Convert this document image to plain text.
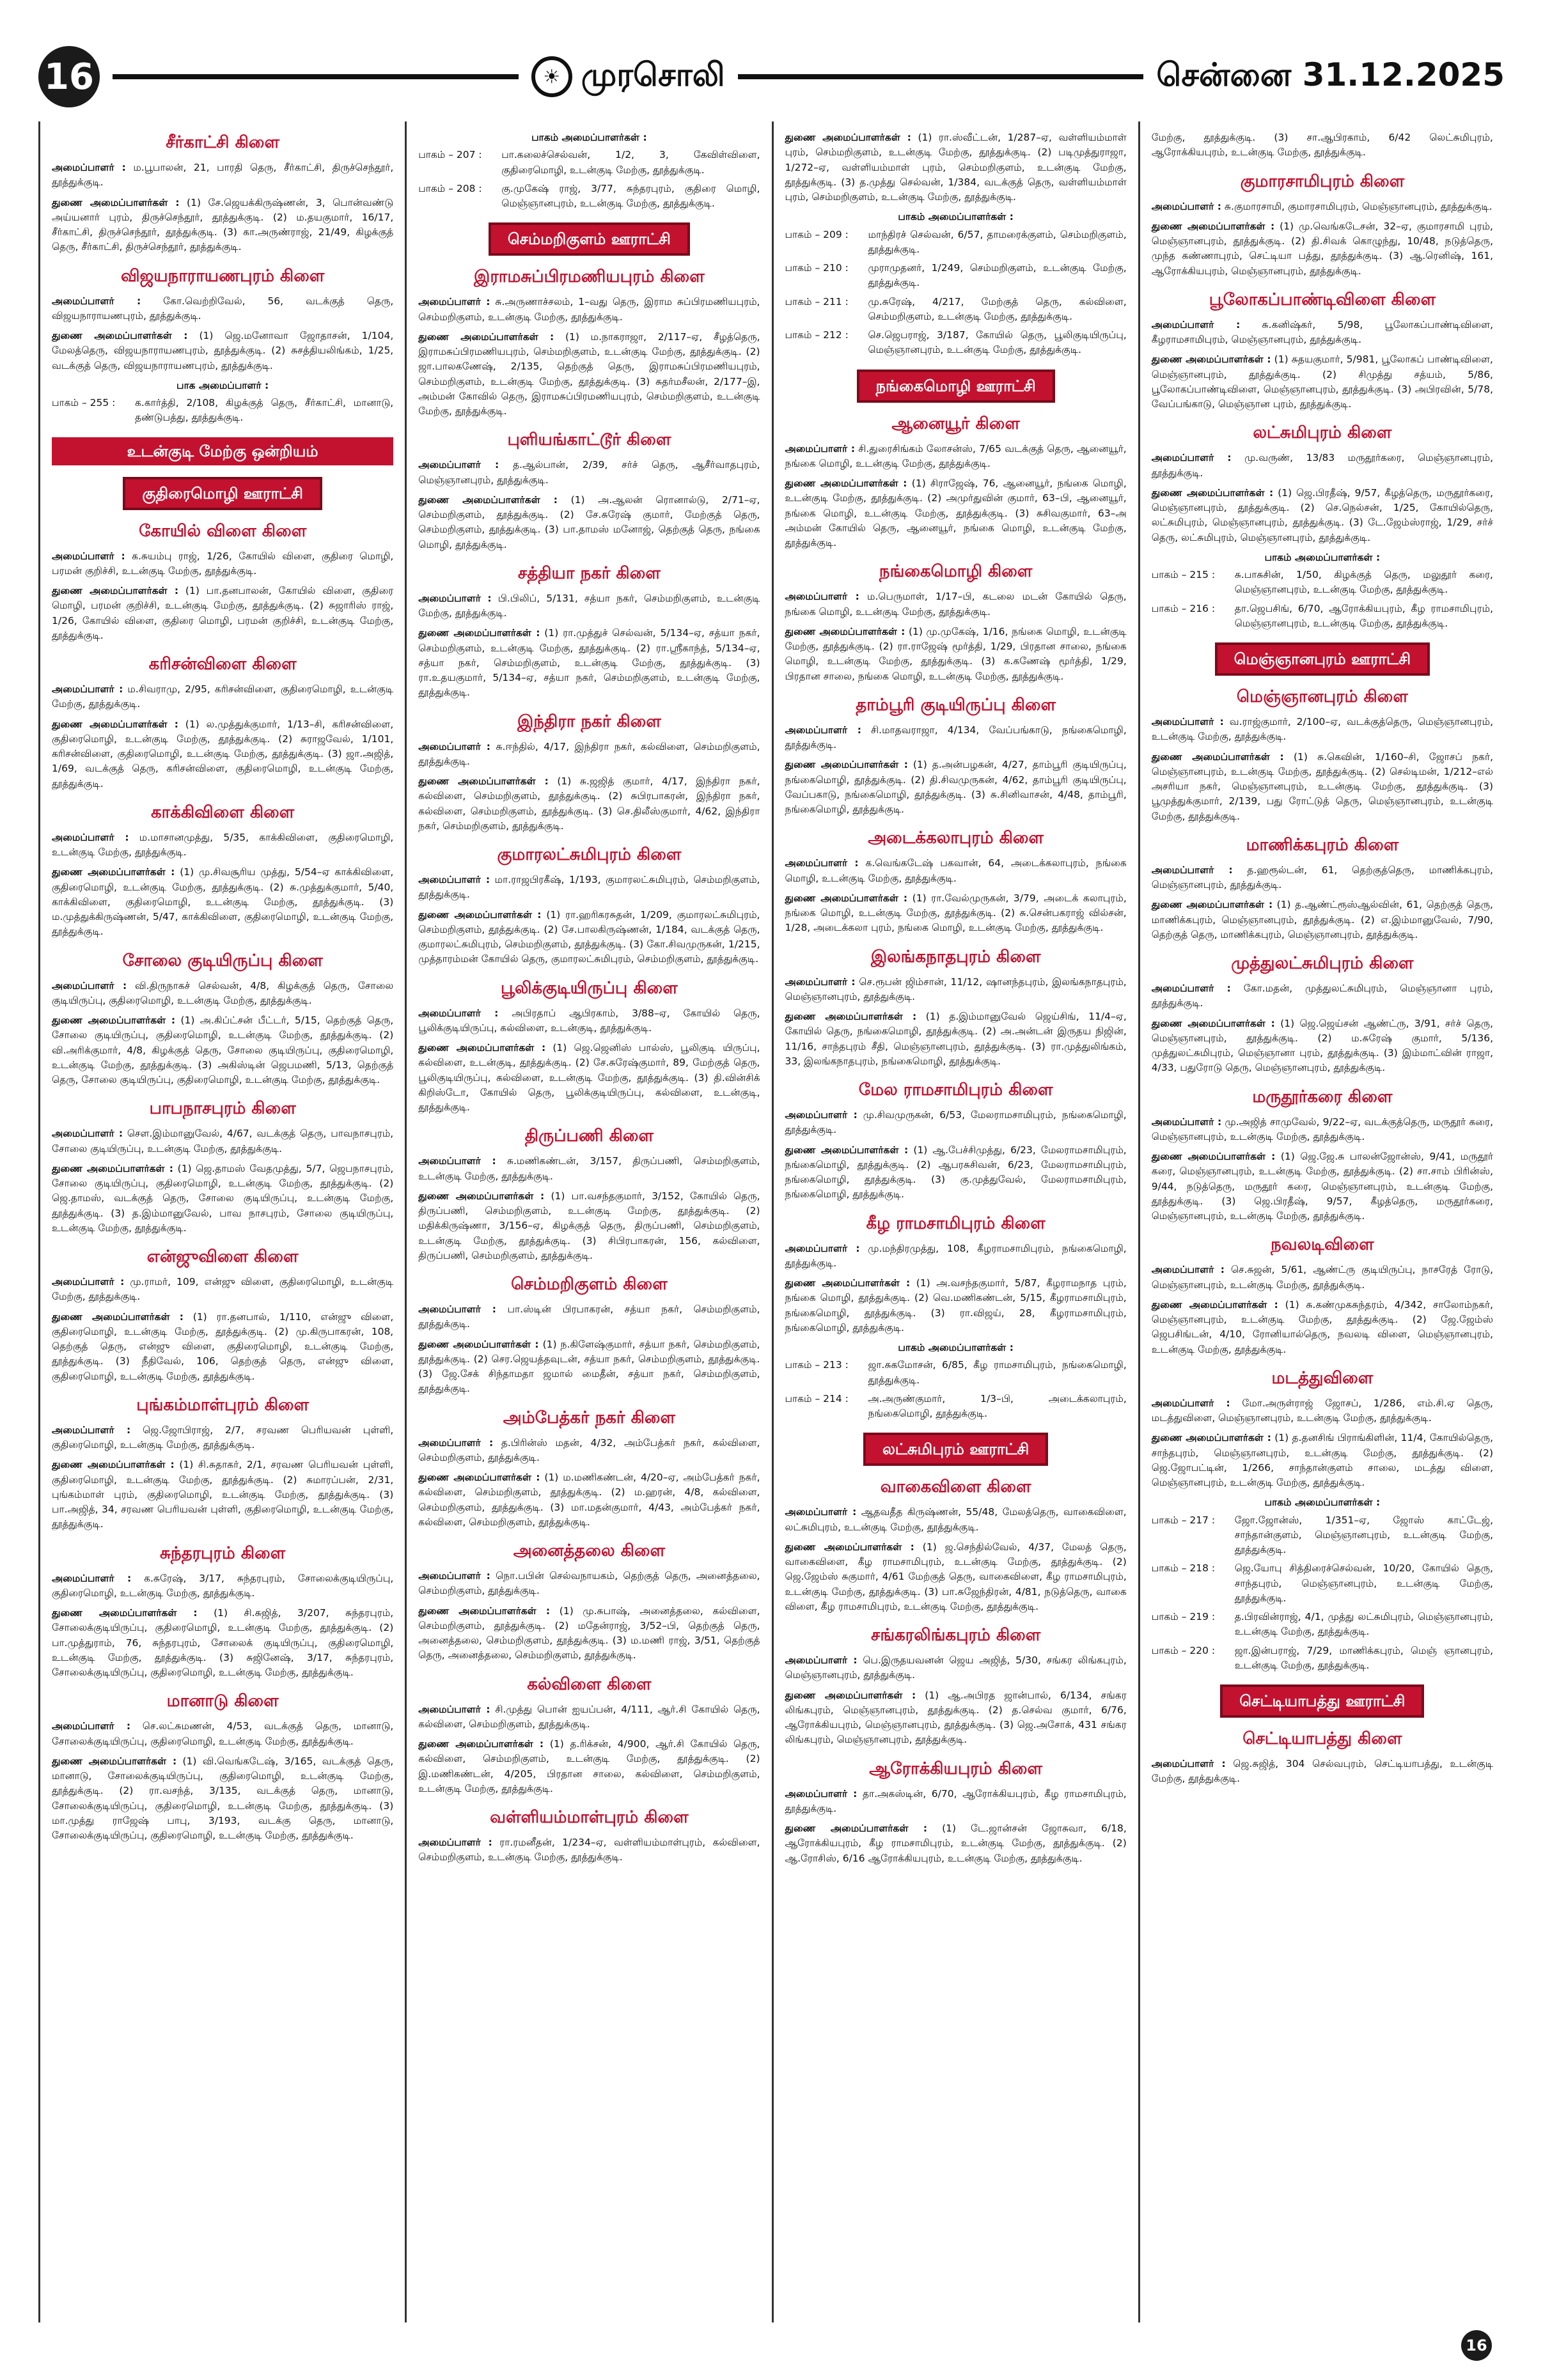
16	☀ முரசொலி	சென்னை 31.12.2025
சீர்காட்சி கிளை

அமைப்பாளர் : ம.பூபாலன், 21, பாரதி தெரு, சீர்காட்சி, திருச்செந்தூர், தூத்துக்குடி.

துணை அமைப்பாளர்கள் : (1) சே.ஜெயக்கிருஷ்ணன், 3, பொன்வண்டு அய்யனார் புரம், திருச்செந்தூர், தூத்துக்குடி. (2) ம.தயகுமார், 16/17, சீர்காட்சி, திருச்செந்தூர், தூத்துக்குடி. (3) கா.அருண்ராஜ், 21/49, கிழக்குத் தெரு, சீர்காட்சி, திருச்செந்தூர், தூத்துக்குடி.

விஜயநாராயணபுரம் கிளை

அமைப்பாளர் : கோ.வெற்றிவேல், 56, வடக்குத் தெரு, விஜயநாராயணபுரம், தூத்துக்குடி.

துணை அமைப்பாளர்கள் : (1) ஜெ.மனோவா ஜோதாசன், 1/104, மேலத்தெரு, விஜயநாராயணபுரம், தூத்துக்குடி. (2) சுசத்தியலிங்கம், 1/25, வடக்குத் தெரு, விஜயநாராயணபுரம், தூத்துக்குடி.

பாக அமைப்பாளர் :
பாகம் – 255 :	க.கார்த்தி, 2/108, கிழக்குத் தெரு, சீர்காட்சி, மானாடு, தண்டுபத்து, தூத்துக்குடி.
உடன்குடி மேற்கு ஒன்றியம்
குதிரைமொழி ஊராட்சி
கோயில் விளை கிளை

அமைப்பாளர் : க.சுயம்பு ராஜ், 1/26, கோயில் விளை, குதிரை மொழி, பரமன் குறிச்சி, உடன்குடி மேற்கு, தூத்துக்குடி.

துணை அமைப்பாளர்கள் : (1) பா.தனபாலன், கோயில் விளை, குதிரை மொழி, பரமன் குறிச்சி, உடன்குடி மேற்கு, தூத்துக்குடி. (2) சுஜாரிஸ் ராஜ், 1/26, கோயில் விளை, குதிரை மொழி, பரமன் குறிச்சி, உடன்குடி மேற்கு, தூத்துக்குடி.

கரிசன்விளை கிளை

அமைப்பாளர் : ம.சிவராமு, 2/95, கரிசன்விளை, குதிரைமொழி, உடன்குடி மேற்கு, தூத்துக்குடி.

துணை அமைப்பாளர்கள் : (1) ல.முத்துக்குமார், 1/13–சி, கரிசன்விளை, குதிரைமொழி, உடன்குடி மேற்கு, தூத்துக்குடி. (2) சுராஜவேல், 1/101, கரிசன்விளை, குதிரைமொழி, உடன்குடி மேற்கு, தூத்துக்குடி. (3) ஜா.அஜித், 1/69, வடக்குத் தெரு, கரிசன்விளை, குதிரைமொழி, உடன்குடி மேற்கு, தூத்துக்குடி.

காக்கிவிளை கிளை

அமைப்பாளர் : ம.மாசானமுத்து, 5/35, காக்கிவிளை, குதிரைமொழி, உடன்குடி மேற்கு, தூத்துக்குடி.

துணை அமைப்பாளர்கள் : (1) மு.சிவசூரிய முத்து, 5/54–ஏ காக்கிவிளை, குதிரைமொழி, உடன்குடி மேற்கு, தூத்துக்குடி. (2) சு.முத்துக்குமார், 5/40, காக்கிவிளை, குதிரைமொழி, உடன்குடி மேற்கு, தூத்துக்குடி. (3) ம.முத்துக்கிருஷ்ணன், 5/47, காக்கிவிளை, குதிரைமொழி, உடன்குடி மேற்கு, தூத்துக்குடி.

சோலை குடியிருப்பு கிளை

அமைப்பாளர் : வி.திருநாகச் செல்வன், 4/8, கிழக்குத் தெரு, சோலை குடியிருப்பு, குதிரைமொழி, உடன்குடி மேற்கு, தூத்துக்குடி.

துணை அமைப்பாளர்கள் : (1) அ.கிப்ட்சன் பீட்டர், 5/15, தெற்குத் தெரு, சோலை குடியிருப்பு, குதிரைமொழி, உடன்குடி மேற்கு, தூத்துக்குடி. (2) வி.அரிக்குமார், 4/8, கிழக்குத் தெரு, சோலை குடியிருப்பு, குதிரைமொழி, உடன்குடி மேற்கு, தூத்துக்குடி. (3) அகிஸ்டின் ஜெபமணி, 5/13, தெற்குத் தெரு, சோலை குடியிருப்பு, குதிரைமொழி, உடன்குடி மேற்கு, தூத்துக்குடி.

பாபநாசபுரம் கிளை

அமைப்பாளர் : சௌ.இம்மானுவேல், 4/67, வடக்குத் தெரு, பாவநாசபுரம், சோலை குடியிருப்பு, உடன்குடி மேற்கு, தூத்துக்குடி.

துணை அமைப்பாளர்கள் : (1) ஜெ.தாமஸ் வேதமுத்து, 5/7, ஜெபநாசபுரம், சோலை குடியிருப்பு, குதிரைமொழி, உடன்குடி மேற்கு, தூத்துக்குடி. (2) ஜெ.தாமஸ், வடக்குத் தெரு, சோலை குடியிருப்பு, உடன்குடி மேற்கு, தூத்துக்குடி. (3) த.இம்மானுவேல், பாவ நாசபுரம், சோலை குடியிருப்பு, உடன்குடி மேற்கு, தூத்துக்குடி.

என்ஜுவிளை கிளை

அமைப்பாளர் : மு.ராமர், 109, என்ஜு விளை, குதிரைமொழி, உடன்குடி மேற்கு, தூத்துக்குடி.

துணை அமைப்பாளர்கள் : (1) ரா.தனபால், 1/110, என்ஜு விளை, குதிரைமொழி, உடன்குடி மேற்கு, தூத்துக்குடி. (2) மு.கிருபாகரன், 108, தெற்குத் தெரு, என்ஜு விளை, குதிரைமொழி, உடன்குடி மேற்கு, தூத்துக்குடி. (3) நீதிவேல், 106, தெற்குத் தெரு, என்ஜு விளை, குதிரைமொழி, உடன்குடி மேற்கு, தூத்துக்குடி.

புங்கம்மாள்புரம் கிளை

அமைப்பாளர் : ஜெ.ஜோபிராஜ், 2/7, சரவண பெரியவன் புள்ளி, குதிரைமொழி, உடன்குடி மேற்கு, தூத்துக்குடி.

துணை அமைப்பாளர்கள் : (1) சி.சுதாகர், 2/1, சரவண பெரியவன் புள்ளி, குதிரைமொழி, உடன்குடி மேற்கு, தூத்துக்குடி. (2) சுமாரப்பன், 2/31, புங்கம்மாள் புரம், குதிரைமொழி, உடன்குடி மேற்கு, தூத்துக்குடி. (3) பா.அஜித், 34, சரவண பெரியவன் புள்ளி, குதிரைமொழி, உடன்குடி மேற்கு, தூத்துக்குடி.

சுந்தரபுரம் கிளை

அமைப்பாளர் : க.சுரேஷ், 3/17, சுந்தரபுரம், சோலைக்குடியிருப்பு, குதிரைமொழி, உடன்குடி மேற்கு, தூத்துக்குடி.

துணை அமைப்பாளர்கள் : (1) சி.சுஜித், 3/207, சுந்தரபுரம், சோலைக்குடியிருப்பு, குதிரைமொழி, உடன்குடி மேற்கு, தூத்துக்குடி. (2) பா.முத்துராம், 76, சுந்தரபுரம், சோலைக் குடியிருப்பு, குதிரைமொழி, உடன்குடி மேற்கு, தூத்துக்குடி. (3) சுஜினேஷ், 3/17, சுந்தரபுரம், சோலைக்குடியிருப்பு, குதிரைமொழி, உடன்குடி மேற்கு, தூத்துக்குடி.

மானாடு கிளை

அமைப்பாளர் : செ.லட்சுமணன், 4/53, வடக்குத் தெரு, மானாடு, சோலைக்குடியிருப்பு, குதிரைமொழி, உடன்குடி மேற்கு, தூத்துக்குடி.

துணை அமைப்பாளர்கள் : (1) வி.வெங்கடேஷ், 3/165, வடக்குத் தெரு, மானாடு, சோலைக்குடியிருப்பு, குதிரைமொழி, உடன்குடி மேற்கு, தூத்துக்குடி. (2) ரா.வசந்த், 3/135, வடக்குத் தெரு, மானாடு, சோலைக்குடியிருப்பு, குதிரைமொழி, உடன்குடி மேற்கு, தூத்துக்குடி. (3) மா.முத்து ராஜேஷ் பாபு, 3/193, வடக்கு தெரு, மானாடு, சோலைக்குடியிருப்பு, குதிரைமொழி, உடன்குடி மேற்கு, தூத்துக்குடி.

பாகம் அமைப்பாளர்கள் :
பாகம் – 207 :	பா.கலைச்செல்வன், 1/2, 3, கேவிள்விளை, குதிரைமொழி, உடன்குடி மேற்கு, தூத்துக்குடி.
பாகம் – 208 :	கு.முகேஷ் ராஜ், 3/77, சுந்தரபுரம், குதிரை மொழி, மெஞ்ஞானபுரம், உடன்குடி மேற்கு, தூத்துக்குடி.
செம்மறிகுளம் ஊராட்சி
இராமசுப்பிரமணியபுரம் கிளை

அமைப்பாளர் : சு.அருணாச்சலம், 1–வது தெரு, இராம சுப்பிரமணியபுரம், செம்மறிகுளம், உடன்குடி மேற்கு, தூத்துக்குடி.

துணை அமைப்பாளர்கள் : (1) ம.நாகராஜா, 2/117–ஏ, சீழத்தெரு, இராமசுப்பிரமணியபுரம், செம்மறிகுளம், உடன்குடி மேற்கு, தூத்துக்குடி. (2) ஜா.பாலகணேஷ், 2/135, தெற்குத் தெரு, இராமசுப்பிரமணியபுரம், செம்மறிகுளம், உடன்குடி மேற்கு, தூத்துக்குடி. (3) சுதர்மசீலன், 2/177–இ, அம்மன் கோவில் தெரு, இராமசுப்பிரமணியபுரம், செம்மறிகுளம், உடன்குடி மேற்கு, தூத்துக்குடி.

புளியங்காட்டூர் கிளை

அமைப்பாளர் : த.ஆல்பான், 2/39, சர்ச் தெரு, ஆசீர்வாதபுரம், மெஞ்ஞானபுரம், தூத்துக்குடி.

துணை அமைப்பாளர்கள் : (1) அ.ஆலன் ரொனால்டு, 2/71–ஏ, செம்மறிகுளம், தூத்துக்குடி. (2) சே.சுரேஷ் குமார், மேற்குத் தெரு, செம்மறிகுளம், தூத்துக்குடி. (3) பா.தாமஸ் மனோஜ், தெற்குத் தெரு, நங்கை மொழி, தூத்துக்குடி.

சத்தியா நகர் கிளை

அமைப்பாளர் : பி.பிலிப், 5/131, சத்யா நகர், செம்மறிகுளம், உடன்குடி மேற்கு, தூத்துக்குடி.

துணை அமைப்பாளர்கள் : (1) ரா.முத்துச் செல்வன், 5/134–ஏ, சத்யா நகர், செம்மறிகுளம், உடன்குடி மேற்கு, தூத்துக்குடி. (2) ரா.ஸ்ரீகாந்த், 5/134–ஏ, சத்யா நகர், செம்மறிகுளம், உடன்குடி மேற்கு, தூத்துக்குடி. (3) ரா.உதயகுமார், 5/134–ஏ, சத்யா நகர், செம்மறிகுளம், உடன்குடி மேற்கு, தூத்துக்குடி.

இந்திரா நகர் கிளை

அமைப்பாளர் : சு.ஈந்தில், 4/17, இந்திரா நகர், கல்விளை, செம்மறிகுளம், தூத்துக்குடி.

துணை அமைப்பாளர்கள் : (1) சு.ஜஜித் குமார், 4/17, இந்திரா நகர், கல்விளை, செம்மறிகுளம், தூத்துக்குடி. (2) சுபிரபாகரன், இந்திரா நகர், கல்விளை, செம்மறிகுளம், தூத்துக்குடி. (3) செ.திலீஸ்குமார், 4/62, இந்திரா நகர், செம்மறிகுளம், தூத்துக்குடி.

குமாரலட்சுமிபுரம் கிளை

அமைப்பாளர் : மா.ராஜபிரகீஷ், 1/193, குமாரலட்சுமிபுரம், செம்மறிகுளம், தூத்துக்குடி.

துணை அமைப்பாளர்கள் : (1) ரா.ஹரிகரசுதன், 1/209, குமாரலட்சுமிபுரம், செம்மறிகுளம், தூத்துக்குடி. (2) சே.பாலகிருஷ்ணன், 1/184, வடக்குத் தெரு, குமாரலட்சுமிபுரம், செம்மறிகுளம், தூத்துக்குடி. (3) கோ.சிவமுருகன், 1/215, முத்தாரம்மன் கோயில் தெரு, குமாரலட்சுமிபுரம், செம்மறிகுளம், தூத்துக்குடி.

பூலிக்குடியிருப்பு கிளை

அமைப்பாளர் : அபிரதாப் ஆபிரகாம், 3/88–ஏ, கோயில் தெரு, பூலிக்குடியிருப்பு, கல்விளை, உடன்குடி, தூத்துக்குடி.

துணை அமைப்பாளர்கள் : (1) ஜெ.ஜெனிஸ் பால்ஸ், பூலிகுடி யிருப்பு, கல்விளை, உடன்குடி, தூத்துக்குடி. (2) சே.சுரேஷ்குமார், 89, மேற்குத் தெரு, பூலிகுடியிருப்பு, கல்விளை, உடன்குடி மேற்கு, தூத்துக்குடி. (3) தி.வின்சிக் கிறிஸ்டோ, கோயில் தெரு, பூலிக்குடியிருப்பு, கல்விளை, உடன்குடி, தூத்துக்குடி.

திருப்பணி கிளை

அமைப்பாளர் : சு.மணிகண்டன், 3/157, திருப்பணி, செம்மறிகுளம், உடன்குடி மேற்கு, தூத்துக்குடி.

துணை அமைப்பாளர்கள் : (1) பா.வசந்தகுமார், 3/152, கோயில் தெரு, திருப்பணி, செம்மறிகுளம், உடன்குடி மேற்கு, தூத்துக்குடி. (2) மதிக்கிருஷ்ணா, 3/156–ஏ, கிழக்குத் தெரு, திருப்பணி, செம்மறிகுளம், உடன்குடி மேற்கு, தூத்துக்குடி. (3) சிபிரபாகரன், 156, கல்விளை, திருப்பணி, செம்மறிகுளம், தூத்துக்குடி.

செம்மறிகுளம் கிளை

அமைப்பாளர் : பா.ஸ்டின் பிரபாகரன், சத்யா நகர், செம்மறிகுளம், தூத்துக்குடி.

துணை அமைப்பாளர்கள் : (1) ந.கிளேஷ்குமார், சத்யா நகர், செம்மறிகுளம், தூத்துக்குடி. (2) செர.ஜெயத்தவுடன், சத்யா நகர், செம்மறிகுளம், தூத்துக்குடி. (3) ஜே.சேக் சிந்தாமதா ஜமால் மைதீன், சத்யா நகர், செம்மறிகுளம், தூத்துக்குடி.

அம்பேத்கர் நகர் கிளை

அமைப்பாளர் : த.பிரின்ஸ் மதன், 4/32, அம்பேத்கர் நகர், கல்விளை, செம்மறிகுளம், தூத்துக்குடி.

துணை அமைப்பாளர்கள் : (1) ம.மணிகண்டன், 4/20–ஏ, அம்பேத்கர் நகர், கல்விளை, செம்மறிகுளம், தூத்துக்குடி. (2) ம.ஹரன், 4/8, கல்விளை, செம்மறிகுளம், தூத்துக்குடி. (3) மா.மதன்குமார், 4/43, அம்பேத்கர் நகர், கல்விளை, செம்மறிகுளம், தூத்துக்குடி.

அனைத்தலை கிளை

அமைப்பாளர் : நொ.பபின் செல்வநாயகம், தெற்குத் தெரு, அனைத்தலை, செம்மறிகுளம், தூத்துக்குடி.

துணை அமைப்பாளர்கள் : (1) மு.சுபாஷ், அனைத்தலை, கல்விளை, செம்மறிகுளம், தூத்துக்குடி. (2) மதேன்ராஜ், 3/52–பி, தெற்குத் தெரு, அனைத்தலை, செம்மறிகுளம், தூத்துக்குடி. (3) ம.மணி ராஜ், 3/51, தெற்குத் தெரு, அனைத்தலை, செம்மறிகுளம், தூத்துக்குடி.

கல்விளை கிளை

அமைப்பாளர் : சி.முத்து பொன் ஐயப்பன், 4/111, ஆர்.சி கோயில் தெரு, கல்விளை, செம்மறிகுளம், தூத்துக்குடி.

துணை அமைப்பாளர்கள் : (1) த.ரிக்சன், 4/900, ஆர்.சி கோயில் தெரு, கல்விளை, செம்மறிகுளம், உடன்குடி மேற்கு, தூத்துக்குடி. (2) இ.மணிகண்டன், 4/205, பிரதான சாலை, கல்விளை, செம்மறிகுளம், உடன்குடி மேற்கு, தூத்துக்குடி.

வள்ளியம்மாள்புரம் கிளை

அமைப்பாளர் : ரா.ரமனீதன், 1/234–ஏ, வள்ளியம்மாள்புரம், கல்விளை, செம்மறிகுளம், உடன்குடி மேற்கு, தூத்துக்குடி.

துணை அமைப்பாளர்கள் : (1) ரா.ஸ்வீட்டன், 1/287–ஏ, வள்ளியம்மாள் புரம், செம்மறிகுளம், உடன்குடி மேற்கு, தூத்துக்குடி. (2) படிமுத்துராஜா, 1/272–ஏ, வள்ளியம்மாள் புரம், செம்மறிகுளம், உடன்குடி மேற்கு, தூத்துக்குடி. (3) த.முத்து செல்வன், 1/384, வடக்குத் தெரு, வள்ளியம்மாள் புரம், செம்மறிகுளம், உடன்குடி மேற்கு, தூத்துக்குடி.

பாகம் அமைப்பாளர்கள் :
பாகம் – 209 :	மாந்திரச் செல்வன், 6/57, தாமரைக்குளம், செம்மறிகுளம், தூத்துக்குடி.
பாகம் – 210 :	முராமுதனர், 1/249, செம்மறிகுளம், உடன்குடி மேற்கு, தூத்துக்குடி.
பாகம் – 211 :	மு.சுரேஷ், 4/217, மேற்குத் தெரு, கல்விளை, செம்மறிகுளம், உடன்குடி மேற்கு, தூத்துக்குடி.
பாகம் – 212 :	செ.ஜெபராஜ், 3/187, கோயில் தெரு, பூலிகுடியிருப்பு, மெஞ்ஞானபுரம், உடன்குடி மேற்கு, தூத்துக்குடி.
நங்கைமொழி ஊராட்சி
ஆனையூர் கிளை

அமைப்பாளர் : சி.துரைசிங்கம் லோசன்ஸ், 7/65 வடக்குத் தெரு, ஆனையூர், நங்கை மொழி, உடன்குடி மேற்கு, தூத்துக்குடி.

துணை அமைப்பாளர்கள் : (1) சிராஜேஷ், 76, ஆனையூர், நங்கை மொழி, உடன்குடி மேற்கு, தூத்துக்குடி. (2) அமுர்துவின் குமார், 63–பி, ஆனையூர், நங்கை மொழி, உடன்குடி மேற்கு, தூத்துக்குடி. (3) சுசிவகுமார், 63–அ அம்மன் கோயில் தெரு, ஆனையூர், நங்கை மொழி, உடன்குடி மேற்கு, தூத்துக்குடி.

நங்கைமொழி கிளை

அமைப்பாளர் : ம.பெருமாள், 1/17–பி, கடலை மடன் கோயில் தெரு, நங்கை மொழி, உடன்குடி மேற்கு, தூத்துக்குடி.

துணை அமைப்பாளர்கள் : (1) மு.முகேஷ், 1/16, நங்கை மொழி, உடன்குடி மேற்கு, தூத்துக்குடி. (2) ரா.ராஜேஷ் மூர்த்தி, 1/29, பிரதான சாலை, நங்கை மொழி, உடன்குடி மேற்கு, தூத்துக்குடி. (3) க.கணேஷ் மூர்த்தி, 1/29, பிரதான சாலை, நங்கை மொழி, உடன்குடி மேற்கு, தூத்துக்குடி.

தாம்பூரி குடியிருப்பு கிளை

அமைப்பாளர் : சி.மாதவராஜா, 4/134, வேப்பங்காடு, நங்கைமொழி, தூத்துக்குடி.

துணை அமைப்பாளர்கள் : (1) த.அன்பழகன், 4/27, தாம்பூரி குடியிருப்பு, நங்கைமொழி, தூத்துக்குடி. (2) தி.சிவமுருகன், 4/62, தாம்பூரி குடியிருப்பு, வேப்பகாடு, நங்கைமொழி, தூத்துக்குடி. (3) சு.சினிவாசன், 4/48, தாம்பூரி, நங்கைமொழி, தூத்துக்குடி.

அடைக்கலாபுரம் கிளை

அமைப்பாளர் : க.வெங்கடேஷ் பகவான், 64, அடைக்கலாபுரம், நங்கை மொழி, உடன்குடி மேற்கு, தூத்துக்குடி.

துணை அமைப்பாளர்கள் : (1) ரா.வேல்முருகன், 3/79, அடைக் கலாபுரம், நங்கை மொழி, உடன்குடி மேற்கு, தூத்துக்குடி. (2) சு.சென்பகராஜ் வில்சன், 1/28, அடைக்கலா புரம், நங்கை மொழி, உடன்குடி மேற்கு, தூத்துக்குடி.

இலங்கநாதபுரம் கிளை

அமைப்பாளர் : செ.ரூபன் ஜிம்சான், 11/12, ஷானந்தபுரம், இலங்கநாதபுரம், மெஞ்ஞானபுரம், தூத்துக்குடி.

துணை அமைப்பாளர்கள் : (1) த.இம்மானுவேல் ஜெய்சிங், 11/4–ஏ, கோயில் தெரு, நங்கைமொழி, தூத்துக்குடி. (2) அ.அன்டன் இருதய நிஜின், 11/16, சாந்தபுரம் சீதி, மெஞ்ஞானபுரம், தூத்துக்குடி. (3) ரா.முத்துலிங்கம், 33, இலங்கநாதபுரம், நங்கைமொழி, தூத்துக்குடி.

மேல ராமசாமிபுரம் கிளை

அமைப்பாளர் : மு.சிவமுருகன், 6/53, மேலராமசாமிபுரம், நங்கைமொழி, தூத்துக்குடி.

துணை அமைப்பாளர்கள் : (1) ஆ.பேச்சிமுத்து, 6/23, மேலராமசாமிபுரம், நங்கைமொழி, தூத்துக்குடி. (2) ஆபரசுசிவன், 6/23, மேலராமசாமிபுரம், நங்கைமொழி, தூத்துக்குடி. (3) கு.முத்துவேல், மேலராமசாமிபுரம், நங்கைமொழி, தூத்துக்குடி.

கீழ ராமசாமிபுரம் கிளை

அமைப்பாளர் : மு.மந்திரமுத்து, 108, கீழராமசாமிபுரம், நங்கைமொழி, தூத்துக்குடி.

துணை அமைப்பாளர்கள் : (1) அ.வசந்தகுமார், 5/87, கீழராமநாத புரம், நங்கை மொழி, தூத்துக்குடி. (2) வெ.மணிகண்டன், 5/15, கீழராமசாமிபுரம், நங்கைமொழி, தூத்துக்குடி. (3) ரா.விஜய், 28, கீழராமசாமிபுரம், நங்கைமொழி, தூத்துக்குடி.

பாகம் அமைப்பாளர்கள் :
பாகம் – 213 :	ஜா.சுகமோசன், 6/85, கீழ ராமசாமிபுரம், நங்கைமொழி, தூத்துக்குடி.
பாகம் – 214 :	அ.அருண்குமார், 1/3–பி, அடைக்கலாபுரம், நங்கைமொழி, தூத்துக்குடி.
லட்சுமிபுரம் ஊராட்சி
வாகைவிளை கிளை

அமைப்பாளர் : ஆதவதீத கிருஷ்ணன், 55/48, மேலத்தெரு, வாகைவிளை, லட்சுமிபுரம், உடன்குடி மேற்கு, தூத்துக்குடி.

துணை அமைப்பாளர்கள் : (1) ஜ.செந்தில்வேல், 4/37, மேலத் தெரு, வாகைவிளை, கீழ ராமசாமிபுரம், உடன்குடி மேற்கு, தூத்துக்குடி. (2) ஜெ.ஜேம்ஸ் சுகுமார், 4/61 மேற்குத் தெரு, வாகைவிளை, கீழ ராமசாமிபுரம், உடன்குடி மேற்கு, தூத்துக்குடி. (3) பா.சுஜேந்திரன், 4/81, நடுத்தெரு, வாகை விளை, கீழ ராமசாமிபுரம், உடன்குடி மேற்கு, தூத்துக்குடி.

சங்கரலிங்கபுரம் கிளை

அமைப்பாளர் : பெ.இருதயவனன் ஜெய அஜித், 5/30, சங்கர லிங்கபுரம், மெஞ்ஞானபுரம், தூத்துக்குடி.

துணை அமைப்பாளர்கள் : (1) ஆ.அபிரத ஜான்பால், 6/134, சங்கர லிங்கபுரம், மெஞ்ஞானபுரம், தூத்துக்குடி. (2) த.செல்வ குமார், 6/76, ஆரோக்கியபுரம், மெஞ்ஞானபுரம், தூத்துக்குடி. (3) ஜெ.அசோக், 431 சங்கர லிங்கபுரம், மெஞ்ஞானபுரம், தூத்துக்குடி.

ஆரோக்கியபுரம் கிளை

அமைப்பாளர் : தா.அகஸ்டின், 6/70, ஆரோக்கியபுரம், கீழ ராமசாமிபுரம், தூத்துக்குடி.

துணை அமைப்பாளர்கள் : (1) டே.ஜான்சன் ஜோசுவா, 6/18, ஆரோக்கியபுரம், கீழ ராமசாமிபுரம், உடன்குடி மேற்கு, தூத்துக்குடி. (2) ஆ.ரோசிஸ், 6/16 ஆரோக்கியபுரம், உடன்குடி மேற்கு, தூத்துக்குடி.

மேற்கு, தூத்துக்குடி. (3) சா.ஆபிரகாம், 6/42 லெட்சுமிபுரம், ஆரோக்கியபுரம், உடன்குடி மேற்கு, தூத்துக்குடி.

குமாரசாமிபுரம் கிளை

அமைப்பாளர் : சு.குமாரசாமி, குமாரசாமிபுரம், மெஞ்ஞானபுரம், தூத்துக்குடி.

துணை அமைப்பாளர்கள் : (1) மு.வெங்கடேசன், 32–ஏ, குமாரசாமி புரம், மெஞ்ஞானபுரம், தூத்துக்குடி. (2) தி.சிவக் கொழுந்து, 10/48, நடுத்தெரு, முந்த கண்ணாபுரம், செட்டியா பத்து, தூத்துக்குடி. (3) ஆ.ரெனிஷ், 161, ஆரோக்கியபுரம், மெஞ்ஞானபுரம், தூத்துக்குடி.

பூலோகப்பாண்டிவிளை கிளை

அமைப்பாளர் : சு.கனிஷ்கர், 5/98, பூலோகப்பாண்டிவிளை, கீழராமசாமிபுரம், மெஞ்ஞானபுரம், தூத்துக்குடி.

துணை அமைப்பாளர்கள் : (1) சுதயகுமார், 5/981, பூலோகப் பாண்டிவிளை, மெஞ்ஞானபுரம், தூத்துக்குடி. (2) சிமுத்து சத்யம், 5/86, பூலோகப்பாண்டிவிளை, மெஞ்ஞானபுரம், தூத்துக்குடி. (3) அபிரவின், 5/78, வேப்பங்காடு, மெஞ்ஞான புரம், தூத்துக்குடி.

லட்சுமிபுரம் கிளை

அமைப்பாளர் : மு.வருண், 13/83 மருதூர்கரை, மெஞ்ஞானபுரம், தூத்துக்குடி.

துணை அமைப்பாளர்கள் : (1) ஜெ.பிரதீஷ், 9/57, கீழத்தெரு, மருதூர்கரை, மெஞ்ஞானபுரம், தூத்துக்குடி. (2) செ.நெல்சன், 1/25, கோயில்தெரு, லட்சுமிபுரம், மெஞ்ஞானபுரம், தூத்துக்குடி. (3) டே.ஜேம்ஸ்ராஜ், 1/29, சர்ச் தெரு, லட்சுமிபுரம், மெஞ்ஞானபுரம், தூத்துக்குடி.

பாகம் அமைப்பாளர்கள் :
பாகம் – 215 :	சு.பாசுசின், 1/50, கிழக்குத் தெரு, மலுதூர் கரை, மெஞ்ஞானபுரம், உடன்குடி மேற்கு, தூத்துக்குடி.
பாகம் – 216 :	தா.ஜெபசிங், 6/70, ஆரோக்கியபுரம், கீழ ராமசாமிபுரம், மெஞ்ஞானபுரம், உடன்குடி மேற்கு, தூத்துக்குடி.
மெஞ்ஞானபுரம் ஊராட்சி
மெஞ்ஞானபுரம் கிளை

அமைப்பாளர் : வ.ராஜ்குமார், 2/100–ஏ, வடக்குத்தெரு, மெஞ்ஞானபுரம், உடன்குடி மேற்கு, தூத்துக்குடி.

துணை அமைப்பாளர்கள் : (1) சு.கெவின், 1/160–சி, ஜோசப் நகர், மெஞ்ஞானபுரம், உடன்குடி மேற்கு, தூத்துக்குடி. (2) செல்டிமன், 1/212–எல் அசரியா நகர், மெஞ்ஞானபுரம், உடன்குடி மேற்கு, தூத்துக்குடி. (3) பூமுத்துக்குமார், 2/139, பது ரோட்டுத் தெரு, மெஞ்ஞானபுரம், உடன்குடி மேற்கு, தூத்துக்குடி.

மாணிக்கபுரம் கிளை

அமைப்பாளர் : த.ஹரூல்டன், 61, தெற்குத்தெரு, மாணிக்கபுரம், மெஞ்ஞானபுரம், தூத்துக்குடி.

துணை அமைப்பாளர்கள் : (1) த.ஆண்ட்ரூஸ்ஆல்வின், 61, தெற்குத் தெரு, மாணிக்கபுரம், மெஞ்ஞானபுரம், தூத்துக்குடி. (2) எ.இம்மானுவேல், 7/90, தெற்குத் தெரு, மாணிக்கபுரம், மெஞ்ஞானபுரம், தூத்துக்குடி.

முத்துலட்சுமிபுரம் கிளை

அமைப்பாளர் : கோ.மதன், முத்துலட்சுமிபுரம், மெஞ்ஞானா புரம், தூத்துக்குடி.

துணை அமைப்பாளர்கள் : (1) ஜெ.ஜெய்சன் ஆண்ட்ரு, 3/91, சர்ச் தெரு, மெஞ்ஞானபுரம், தூத்துக்குடி. (2) ம.சுரேஷ் குமார், 5/136, முத்துலட்சுமிபுரம், மெஞ்ஞானா புரம், தூத்துக்குடி. (3) இம்மாட்வின் ராஜா, 4/33, பதுரோடு தெரு, மெஞ்ஞானபுரம், தூத்துக்குடி.

மருதூர்கரை கிளை

அமைப்பாளர் : மு.அஜித் சாமுவேல், 9/22–ஏ, வடக்குத்தெரு, மருதூர் கரை, மெஞ்ஞானபுரம், உடன்குடி மேற்கு, தூத்துக்குடி.

துணை அமைப்பாளர்கள் : (1) ஜெ.ஜே.சு பாலன்ஜோன்ஸ், 9/41, மருதூர் கரை, மெஞ்ஞானபுரம், உடன்குடி மேற்கு, தூத்துக்குடி. (2) சா.சாம் பிரின்ஸ், 9/44, நடுத்தெரு, மருதூர் கரை, மெஞ்ஞானபுரம், உடன்குடி மேற்கு, தூத்துக்குடி. (3) ஜெ.பிரதீஷ், 9/57, கீழத்தெரு, மருதூர்கரை, மெஞ்ஞானபுரம், உடன்குடி மேற்கு, தூத்துக்குடி.

நவலடிவிளை

அமைப்பாளர் : செ.சுஜன், 5/61, ஆண்ட்ரு குடியிருப்பு, நாசரேத் ரோடு, மெஞ்ஞானபுரம், உடன்குடி மேற்கு, தூத்துக்குடி.

துணை அமைப்பாளர்கள் : (1) சு.கண்முகசுந்தரம், 4/342, சாலோம்நகர், மெஞ்ஞானபுரம், உடன்குடி மேற்கு, தூத்துக்குடி. (2) ஜே.ஜேம்ஸ் ஜெபசிங்டன், 4/10, ரோனியால்தெரு, நவலடி விளை, மெஞ்ஞானபுரம், உடன்குடி மேற்கு, தூத்துக்குடி.

மடத்துவிளை

அமைப்பாளர் : மோ.அருள்ராஜ் ஜோசப், 1/286, எம்.சி.ஏ தெரு, மடத்துவிளை, மெஞ்ஞானபுரம், உடன்குடி மேற்கு, தூத்துக்குடி.

துணை அமைப்பாளர்கள் : (1) த.தனசிங் பிராங்கிளின், 11/4, கோயில்தெரு, சாந்தபுரம், மெஞ்ஞானபுரம், உடன்குடி மேற்கு, தூத்துக்குடி. (2) ஜெ.ஜோபட்டின், 1/266, சாந்தான்குளம் சாலை, மடத்து விளை, மெஞ்ஞானபுரம், உடன்குடி மேற்கு, தூத்துக்குடி.

பாகம் அமைப்பாளர்கள் :
பாகம் – 217 :	ஜோ.ஜோன்ஸ், 1/351–ஏ, ஜோஸ் காட்டேஜ், சாந்தான்குளம், மெஞ்ஞானபுரம், உடன்குடி மேற்கு, தூத்துக்குடி.
பாகம் – 218 :	ஜெ.யோபு சித்திரைச்செல்வன், 10/20, கோயில் தெரு, சாந்தபுரம், மெஞ்ஞானபுரம், உடன்குடி மேற்கு, தூத்துக்குடி.
பாகம் – 219 :	த.பிரவின்ராஜ், 4/1, முத்து லட்சுமிபுரம், மெஞ்ஞானபுரம், உடன்குடி மேற்கு, தூத்துக்குடி.
பாகம் – 220 :	ஜா.இன்பராஜ், 7/29, மாணிக்கபுரம், மெஞ் ஞானபுரம், உடன்குடி மேற்கு, தூத்துக்குடி.
செட்டியாபத்து ஊராட்சி
செட்டியாபத்து கிளை

அமைப்பாளர் : ஜெ.சுஜித், 304 செல்வபுரம், செட்டியாபத்து, உடன்குடி மேற்கு, தூத்துக்குடி.

16
